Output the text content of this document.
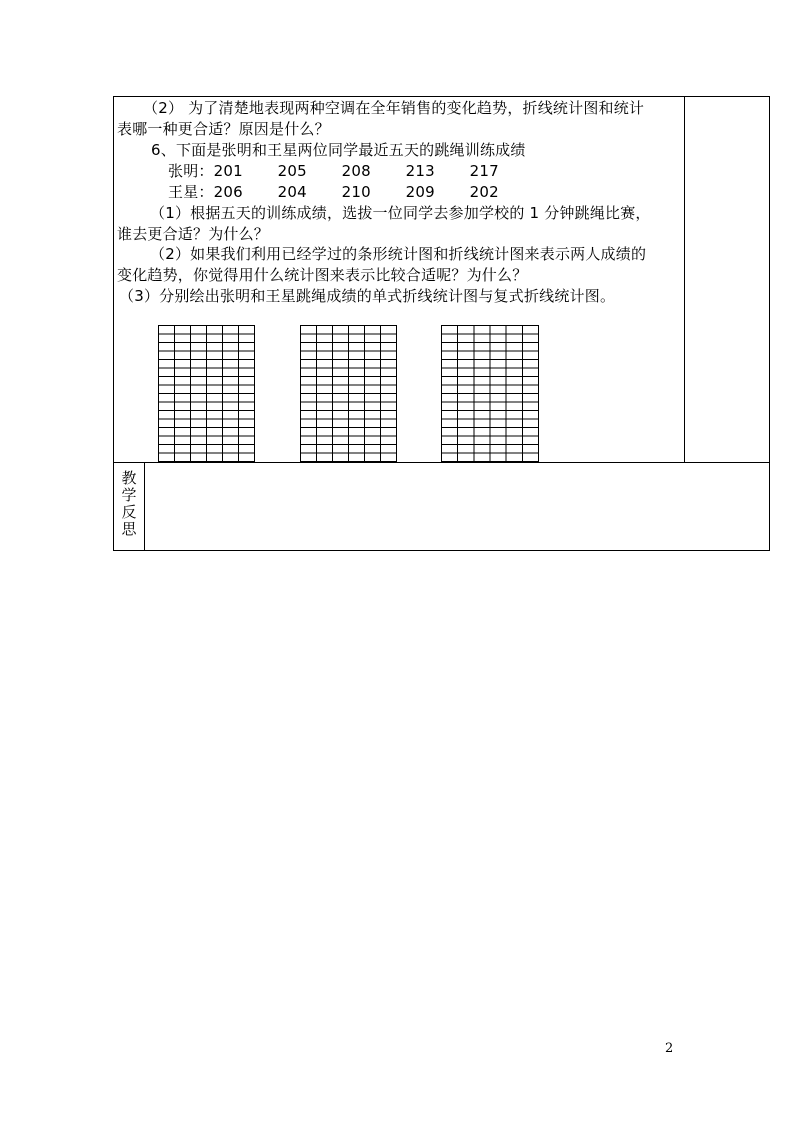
（2） 为了清楚地表现两种空调在全年销售的变化趋势，折线统计图和统计
表哪一种更合适？原因是什么？
6、下面是张明和王星两位同学最近五天的跳绳训练成绩
张明：201 205 208 213 217
王星：206 204 210 209 202
（1）根据五天的训练成绩，选拔一位同学去参加学校的 1 分钟跳绳比赛，
谁去更合适？为什么？
（2）如果我们利用已经学过的条形统计图和折线统计图来表示两人成绩的
变化趋势，你觉得用什么统计图来表示比较合适呢？为什么？
（3）分别绘出张明和王星跳绳成绩的单式折线统计图与复式折线统计图。
教
学
反
思
2
